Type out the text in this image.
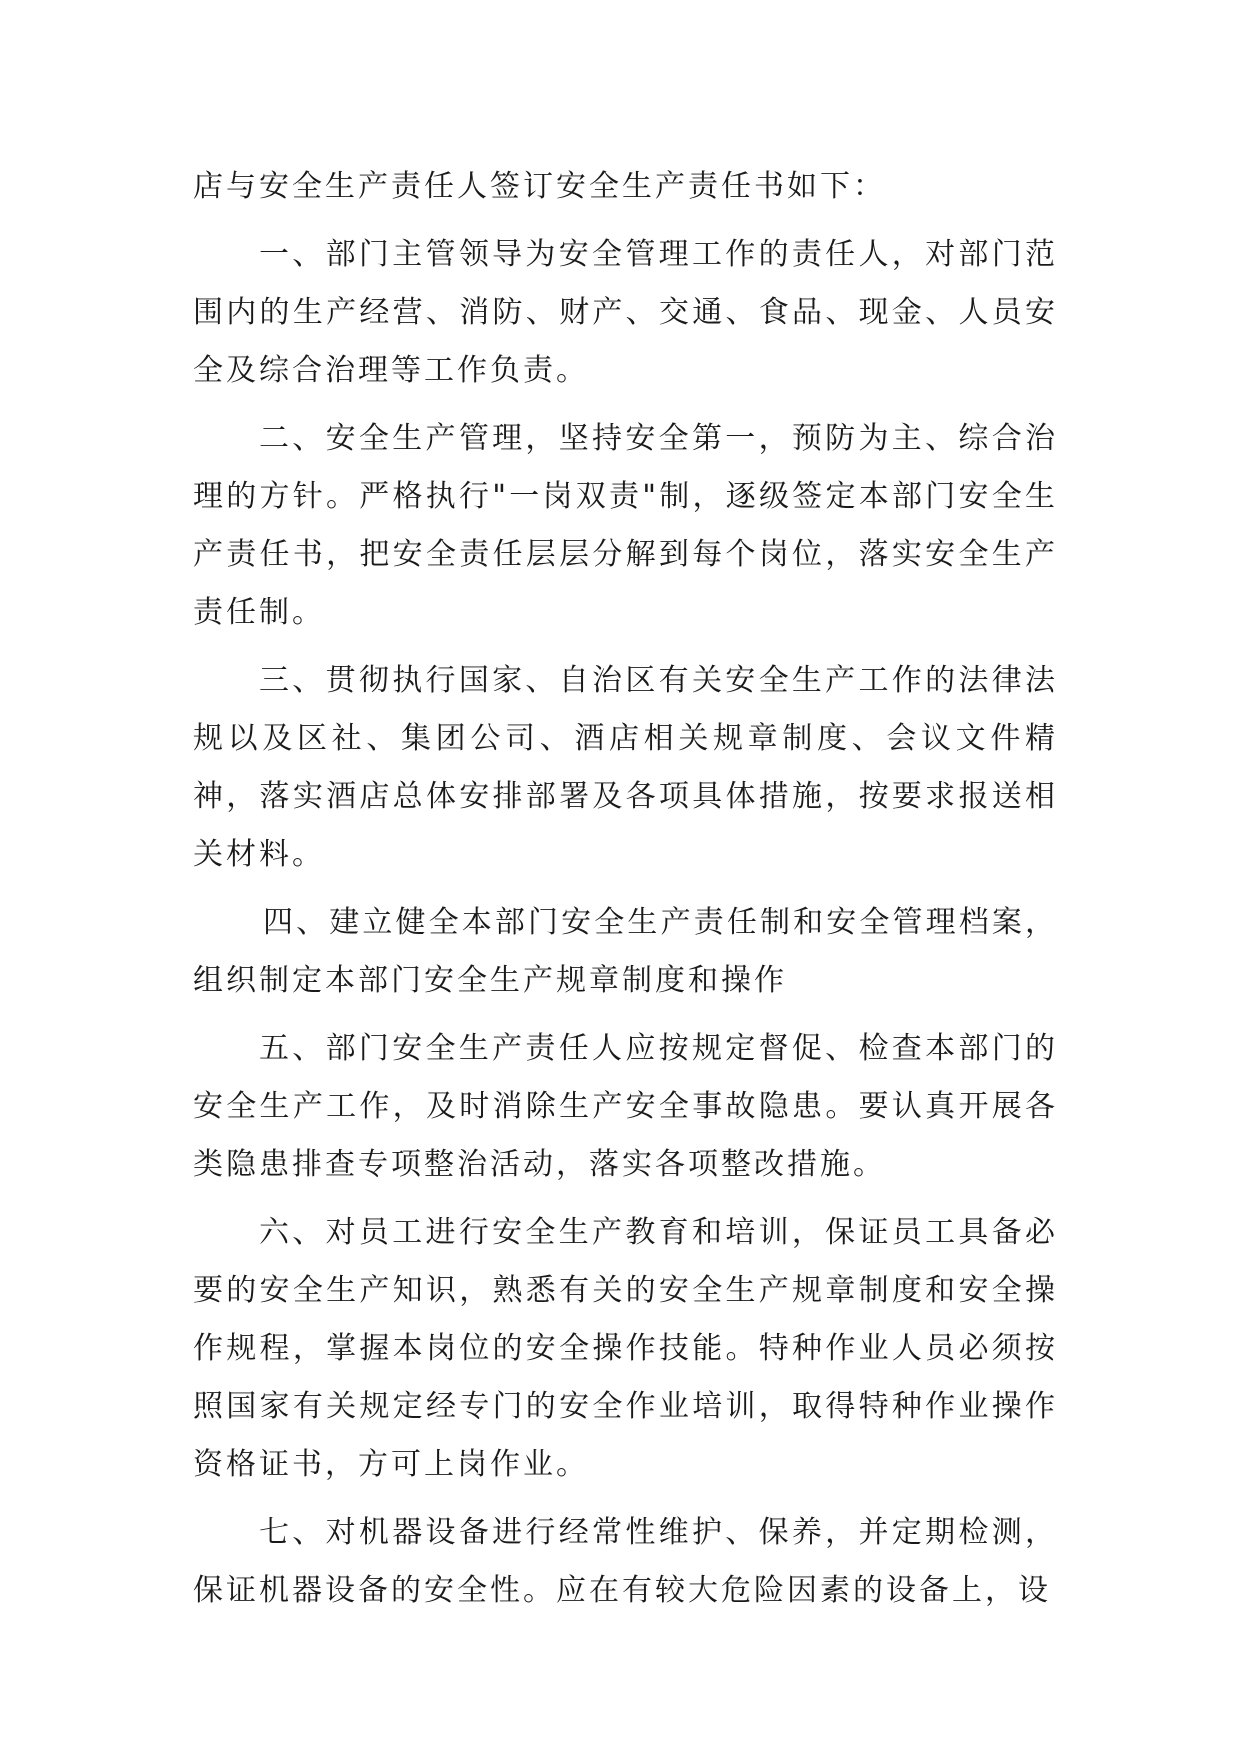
店与安全生产责任人签订安全生产责任书如下：

一、部门主管领导为安全管理工作的责任人，对部门范围内的生产经营、消防、财产、交通、食品、现金、人员安全及综合治理等工作负责。

二、安全生产管理，坚持安全第一，预防为主、综合治理的方针。严格执行"一岗双责"制，逐级签定本部门安全生产责任书，把安全责任层层分解到每个岗位，落实安全生产责任制。

三、贯彻执行国家、自治区有关安全生产工作的法律法规以及区社、集团公司、酒店相关规章制度、会议文件精神，落实酒店总体安排部署及各项具体措施，按要求报送相关材料。

四、建立健全本部门安全生产责任制和安全管理档案，组织制定本部门安全生产规章制度和操作

五、部门安全生产责任人应按规定督促、检查本部门的安全生产工作，及时消除生产安全事故隐患。要认真开展各类隐患排查专项整治活动，落实各项整改措施。

六、对员工进行安全生产教育和培训，保证员工具备必要的安全生产知识，熟悉有关的安全生产规章制度和安全操作规程，掌握本岗位的安全操作技能。特种作业人员必须按照国家有关规定经专门的安全作业培训，取得特种作业操作资格证书，方可上岗作业。

七、对机器设备进行经常性维护、保养，并定期检测，保证机器设备的安全性。应在有较大危险因素的设备上，设
